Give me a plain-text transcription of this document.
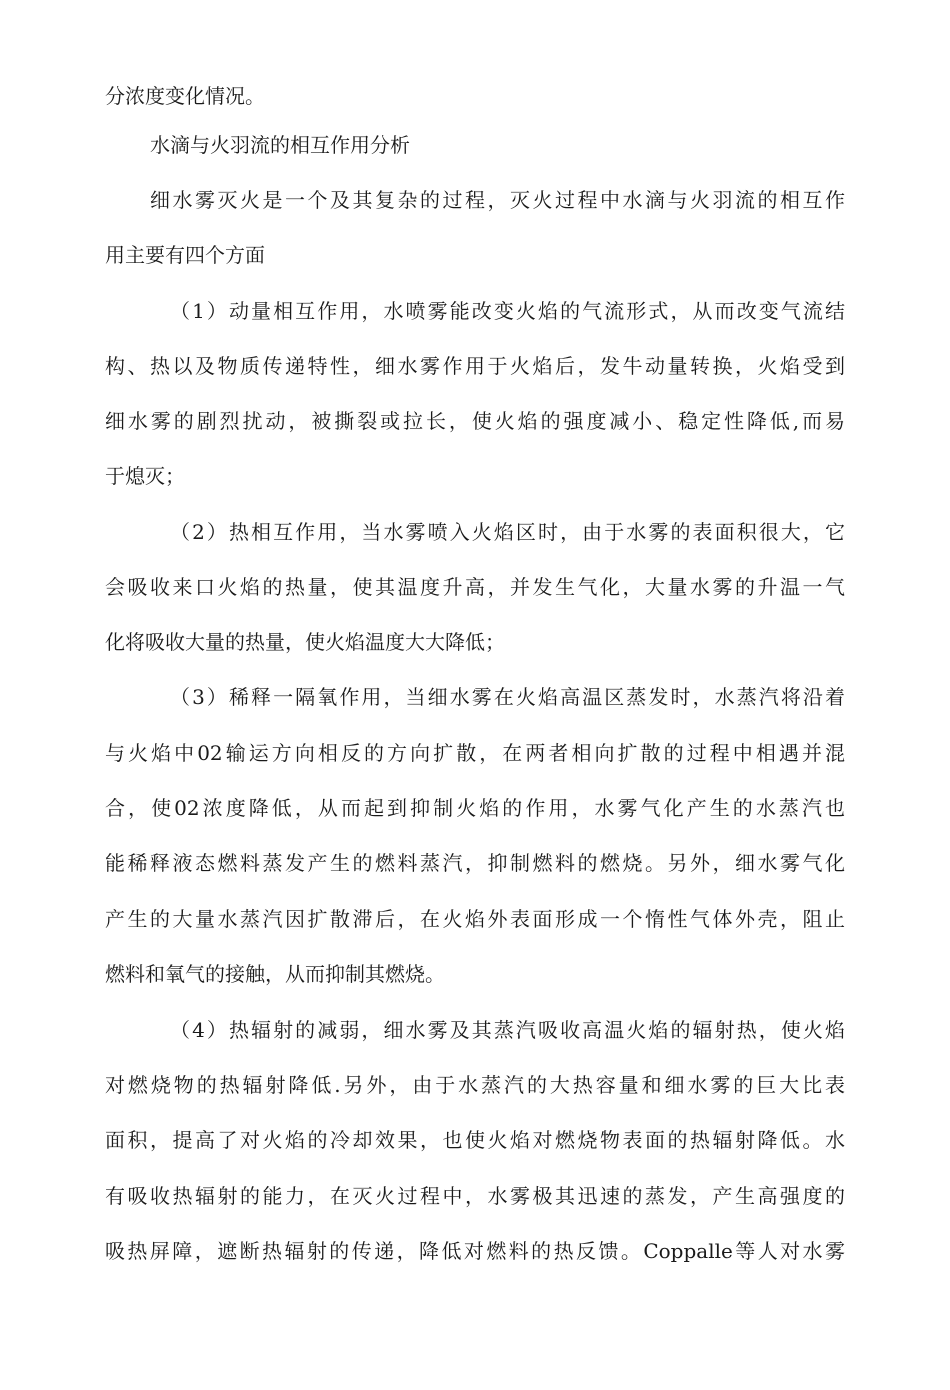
分浓度变化情况。
水滴与火羽流的相互作用分析
细水雾灭火是一个及其复杂的过程，灭火过程中水滴与火羽流的相互作
用主要有四个方面
（1）动量相互作用，水喷雾能改变火焰的气流形式，从而改变气流结
构、热以及物质传递特性，细水雾作用于火焰后，发牛动量转换，火焰受到
细水雾的剧烈扰动，被撕裂或拉长，使火焰的强度减小、稳定性降低,而易
于熄灭；
（2）热相互作用，当水雾喷入火焰区时，由于水雾的表面积很大，它
会吸收来口火焰的热量，使其温度升高，并发生气化，大量水雾的升温一气
化将吸收大量的热量，使火焰温度大大降低；
（3）稀释一隔氧作用，当细水雾在火焰高温区蒸发时，水蒸汽将沿着
与火焰中02输运方向相反的方向扩散，在两者相向扩散的过程中相遇并混
合，使02浓度降低，从而起到抑制火焰的作用，水雾气化产生的水蒸汽也
能稀释液态燃料蒸发产生的燃料蒸汽，抑制燃料的燃烧。另外，细水雾气化
产生的大量水蒸汽因扩散滞后，在火焰外表面形成一个惰性气体外壳，阻止
燃料和氧气的接触，从而抑制其燃烧。
（4）热辐射的减弱，细水雾及其蒸汽吸收高温火焰的辐射热，使火焰
对燃烧物的热辐射降低.另外，由于水蒸汽的大热容量和细水雾的巨大比表
面积，提高了对火焰的冷却效果，也使火焰对燃烧物表面的热辐射降低。水
有吸收热辐射的能力，在灭火过程中，水雾极其迅速的蒸发，产生高强度的
吸热屏障，遮断热辐射的传递，降低对燃料的热反馈。Coppalle等人对水雾
